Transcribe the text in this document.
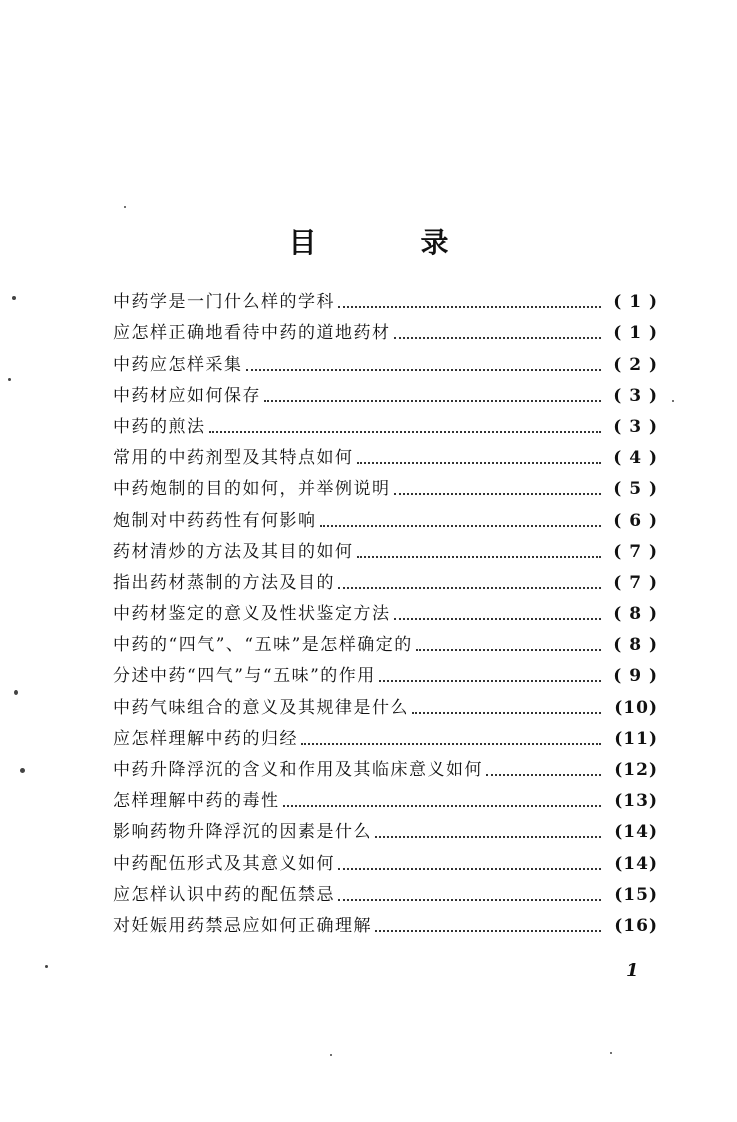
目　录
中药学是一门什么样的学科	( 1 )
应怎样正确地看待中药的道地药材	( 1 )
中药应怎样采集	( 2 )
中药材应如何保存	( 3 )
中药的煎法	( 3 )
常用的中药剂型及其特点如何	( 4 )
中药炮制的目的如何，并举例说明	( 5 )
炮制对中药药性有何影响	( 6 )
药材清炒的方法及其目的如何	( 7 )
指出药材蒸制的方法及目的	( 7 )
中药材鉴定的意义及性状鉴定方法	( 8 )
中药的“四气”、“五味”是怎样确定的	( 8 )
分述中药“四气”与“五味”的作用	( 9 )
中药气味组合的意义及其规律是什么	(10)
应怎样理解中药的归经	(11)
中药升降浮沉的含义和作用及其临床意义如何	(12)
怎样理解中药的毒性	(13)
影响药物升降浮沉的因素是什么	(14)
中药配伍形式及其意义如何	(14)
应怎样认识中药的配伍禁忌	(15)
对妊娠用药禁忌应如何正确理解	(16)
1
